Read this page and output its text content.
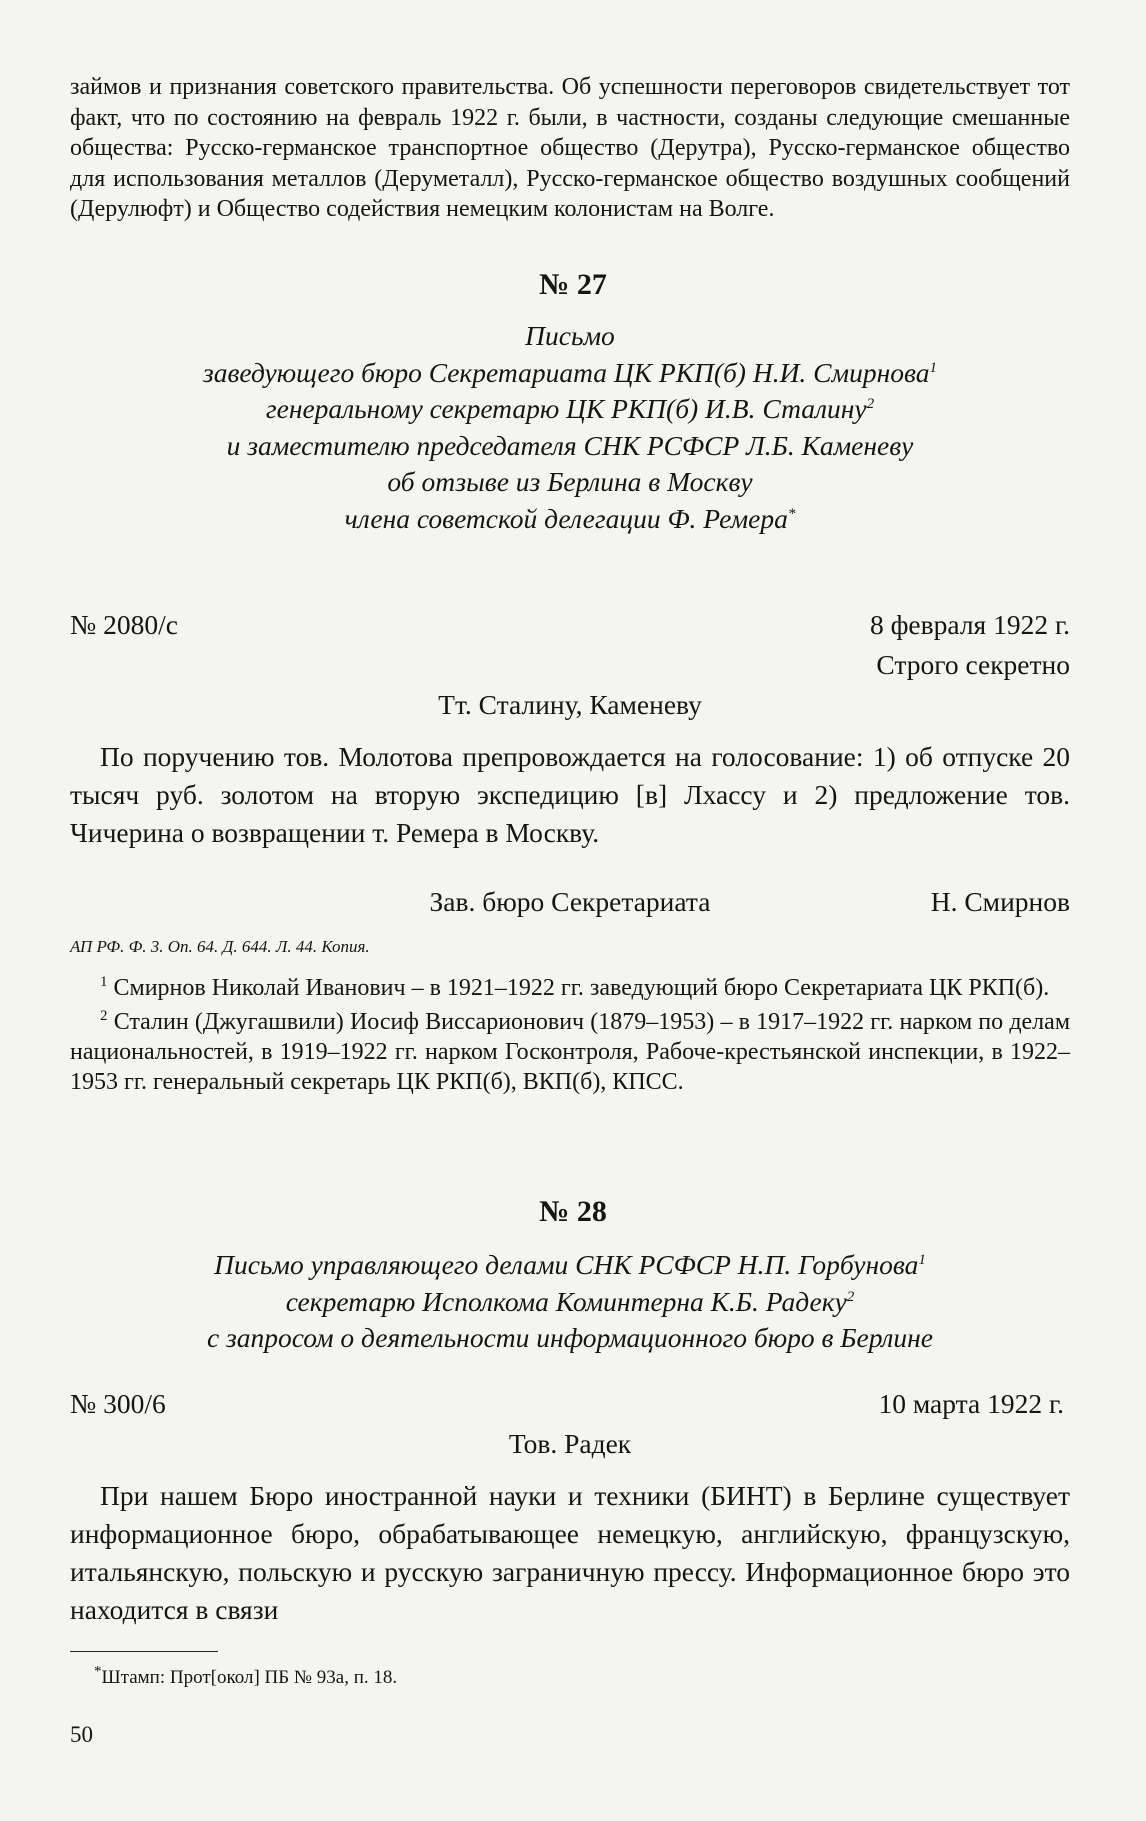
займов и признания советского правительства. Об успешности переговоров свидетельствует тот факт, что по состоянию на февраль 1922 г. были, в частности, созданы следующие смешанные общества: Русско-германское транспортное общество (Дерутра), Русско-германское общество для использования металлов (Деруметалл), Русско-германское общество воздушных сообщений (Дерулюфт) и Общество содействия немецким колонистам на Волге.
№ 27
Письмо
заведующего бюро Секретариата ЦК РКП(б) Н.И. Смирнова$^1$
генеральному секретарю ЦК РКП(б) И.В. Сталину$^2$
и заместителю председателя СНК РСФСР Л.Б. Каменеву
об отзыве из Берлина в Москву
члена советской делегации Ф. Ремера*
№ 2080/с	8 февраля 1922 г.
Строго секретно
Тт. Сталину, Каменеву

По поручению тов. Молотова препровождается на голосование: 1) об отпуске 20 тысяч руб. золотом на вторую экспедицию [в] Лхассу и 2) предложение тов. Чичерина о возвращении т. Ремера в Москву.

Зав. бюро Секретариата	Н. Смирнов
АП РФ. Ф. 3. Оп. 64. Д. 644. Л. 44. Копия.

$^1$ Смирнов Николай Иванович – в 1921–1922 гг. заведующий бюро Секретариата ЦК РКП(б).

$^2$ Сталин (Джугашвили) Иосиф Виссарионович (1879–1953) – в 1917–1922 гг. нарком по делам национальностей, в 1919–1922 гг. нарком Госконтроля, Рабоче-крестьянской инспекции, в 1922–1953 гг. генеральный секретарь ЦК РКП(б), ВКП(б), КПСС.

№ 28
Письмо управляющего делами СНК РСФСР Н.П. Горбунова$^1$
секретарю Исполкома Коминтерна К.Б. Радеку$^2$
с запросом о деятельности информационного бюро в Берлине
№ 300/6	10 марта 1922 г.
Тов. Радек

При нашем Бюро иностранной науки и техники (БИНТ) в Берлине существует информационное бюро, обрабатывающее немецкую, английскую, французскую, итальянскую, польскую и русскую заграничную прессу. Информационное бюро это находится в связи

*Штамп: Прот[окол] ПБ № 93а, п. 18.
50
